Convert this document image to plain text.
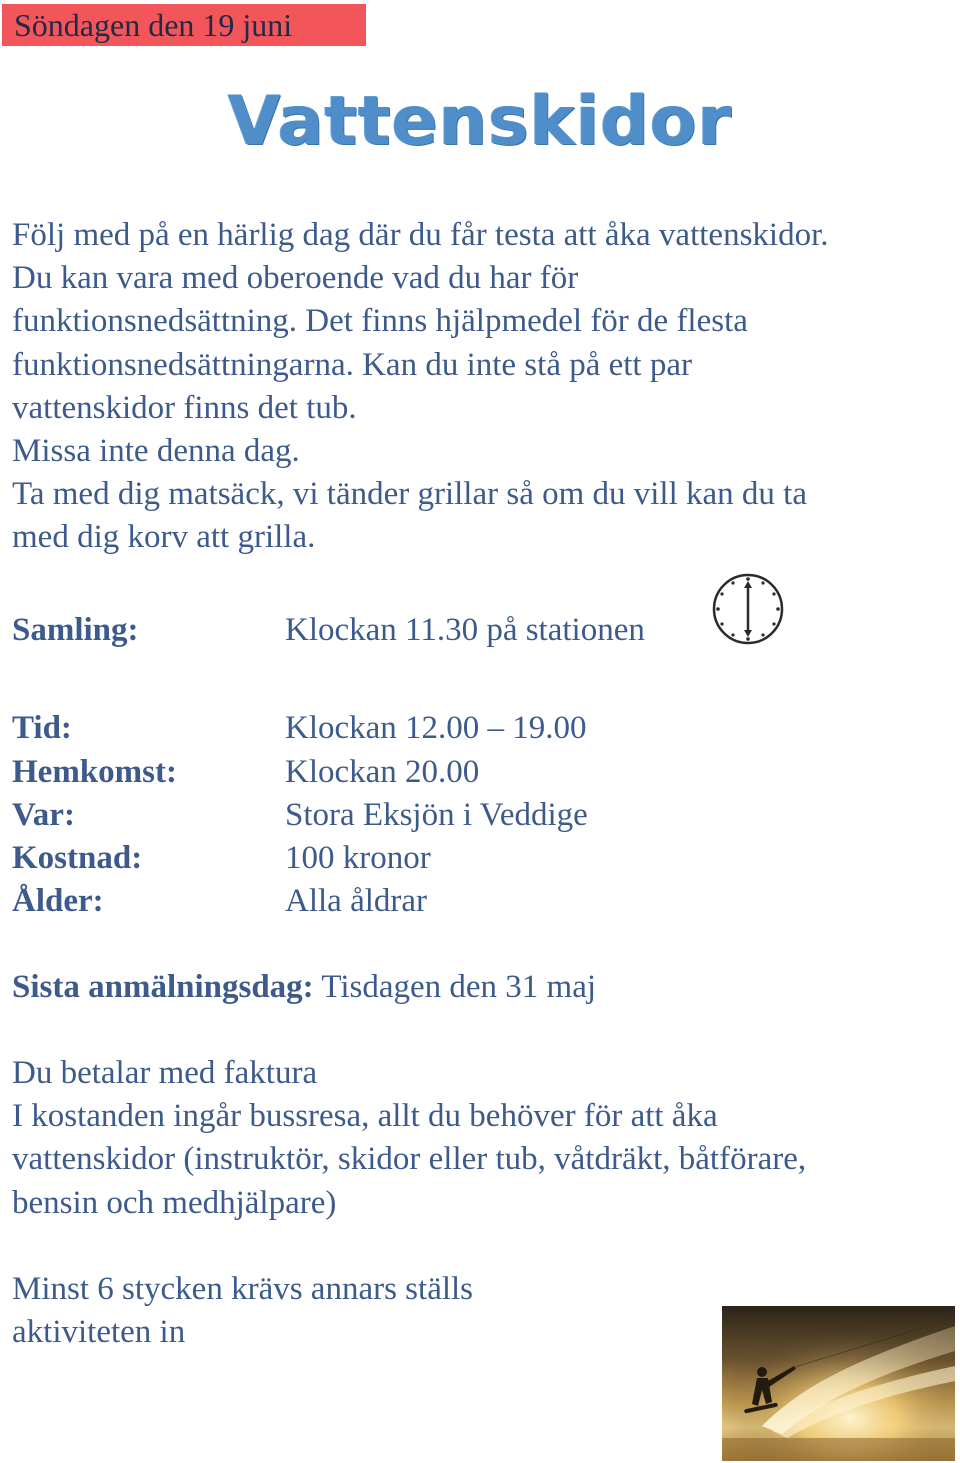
Söndagen den 19 juni
Vattenskidor

Följ med på en härlig dag där du får testa att åka vattenskidor.

Du kan vara med oberoende vad du har för

funktionsnedsättning. Det finns hjälpmedel för de flesta

funktionsnedsättningarna. Kan du inte stå på ett par

vattenskidor finns det tub.

Missa inte denna dag.

Ta med dig matsäck, vi tänder grillar så om du vill kan du ta

med dig korv att grilla.

Samling:	Klockan 11.30 på stationen
Tid:	Klockan 12.00 – 19.00
Hemkomst:	Klockan 20.00
Var:	Stora Eksjön i Veddige
Kostnad:	100 kronor
Ålder:	Alla åldrar
Sista anmälningsdag: Tisdagen den 31 maj

Du betalar med faktura

I kostanden ingår bussresa, allt du behöver för att åka

vattenskidor (instruktör, skidor eller tub, våtdräkt, båtförare,

bensin och medhjälpare)

Minst 6 stycken krävs annars ställs
aktiviteten in
